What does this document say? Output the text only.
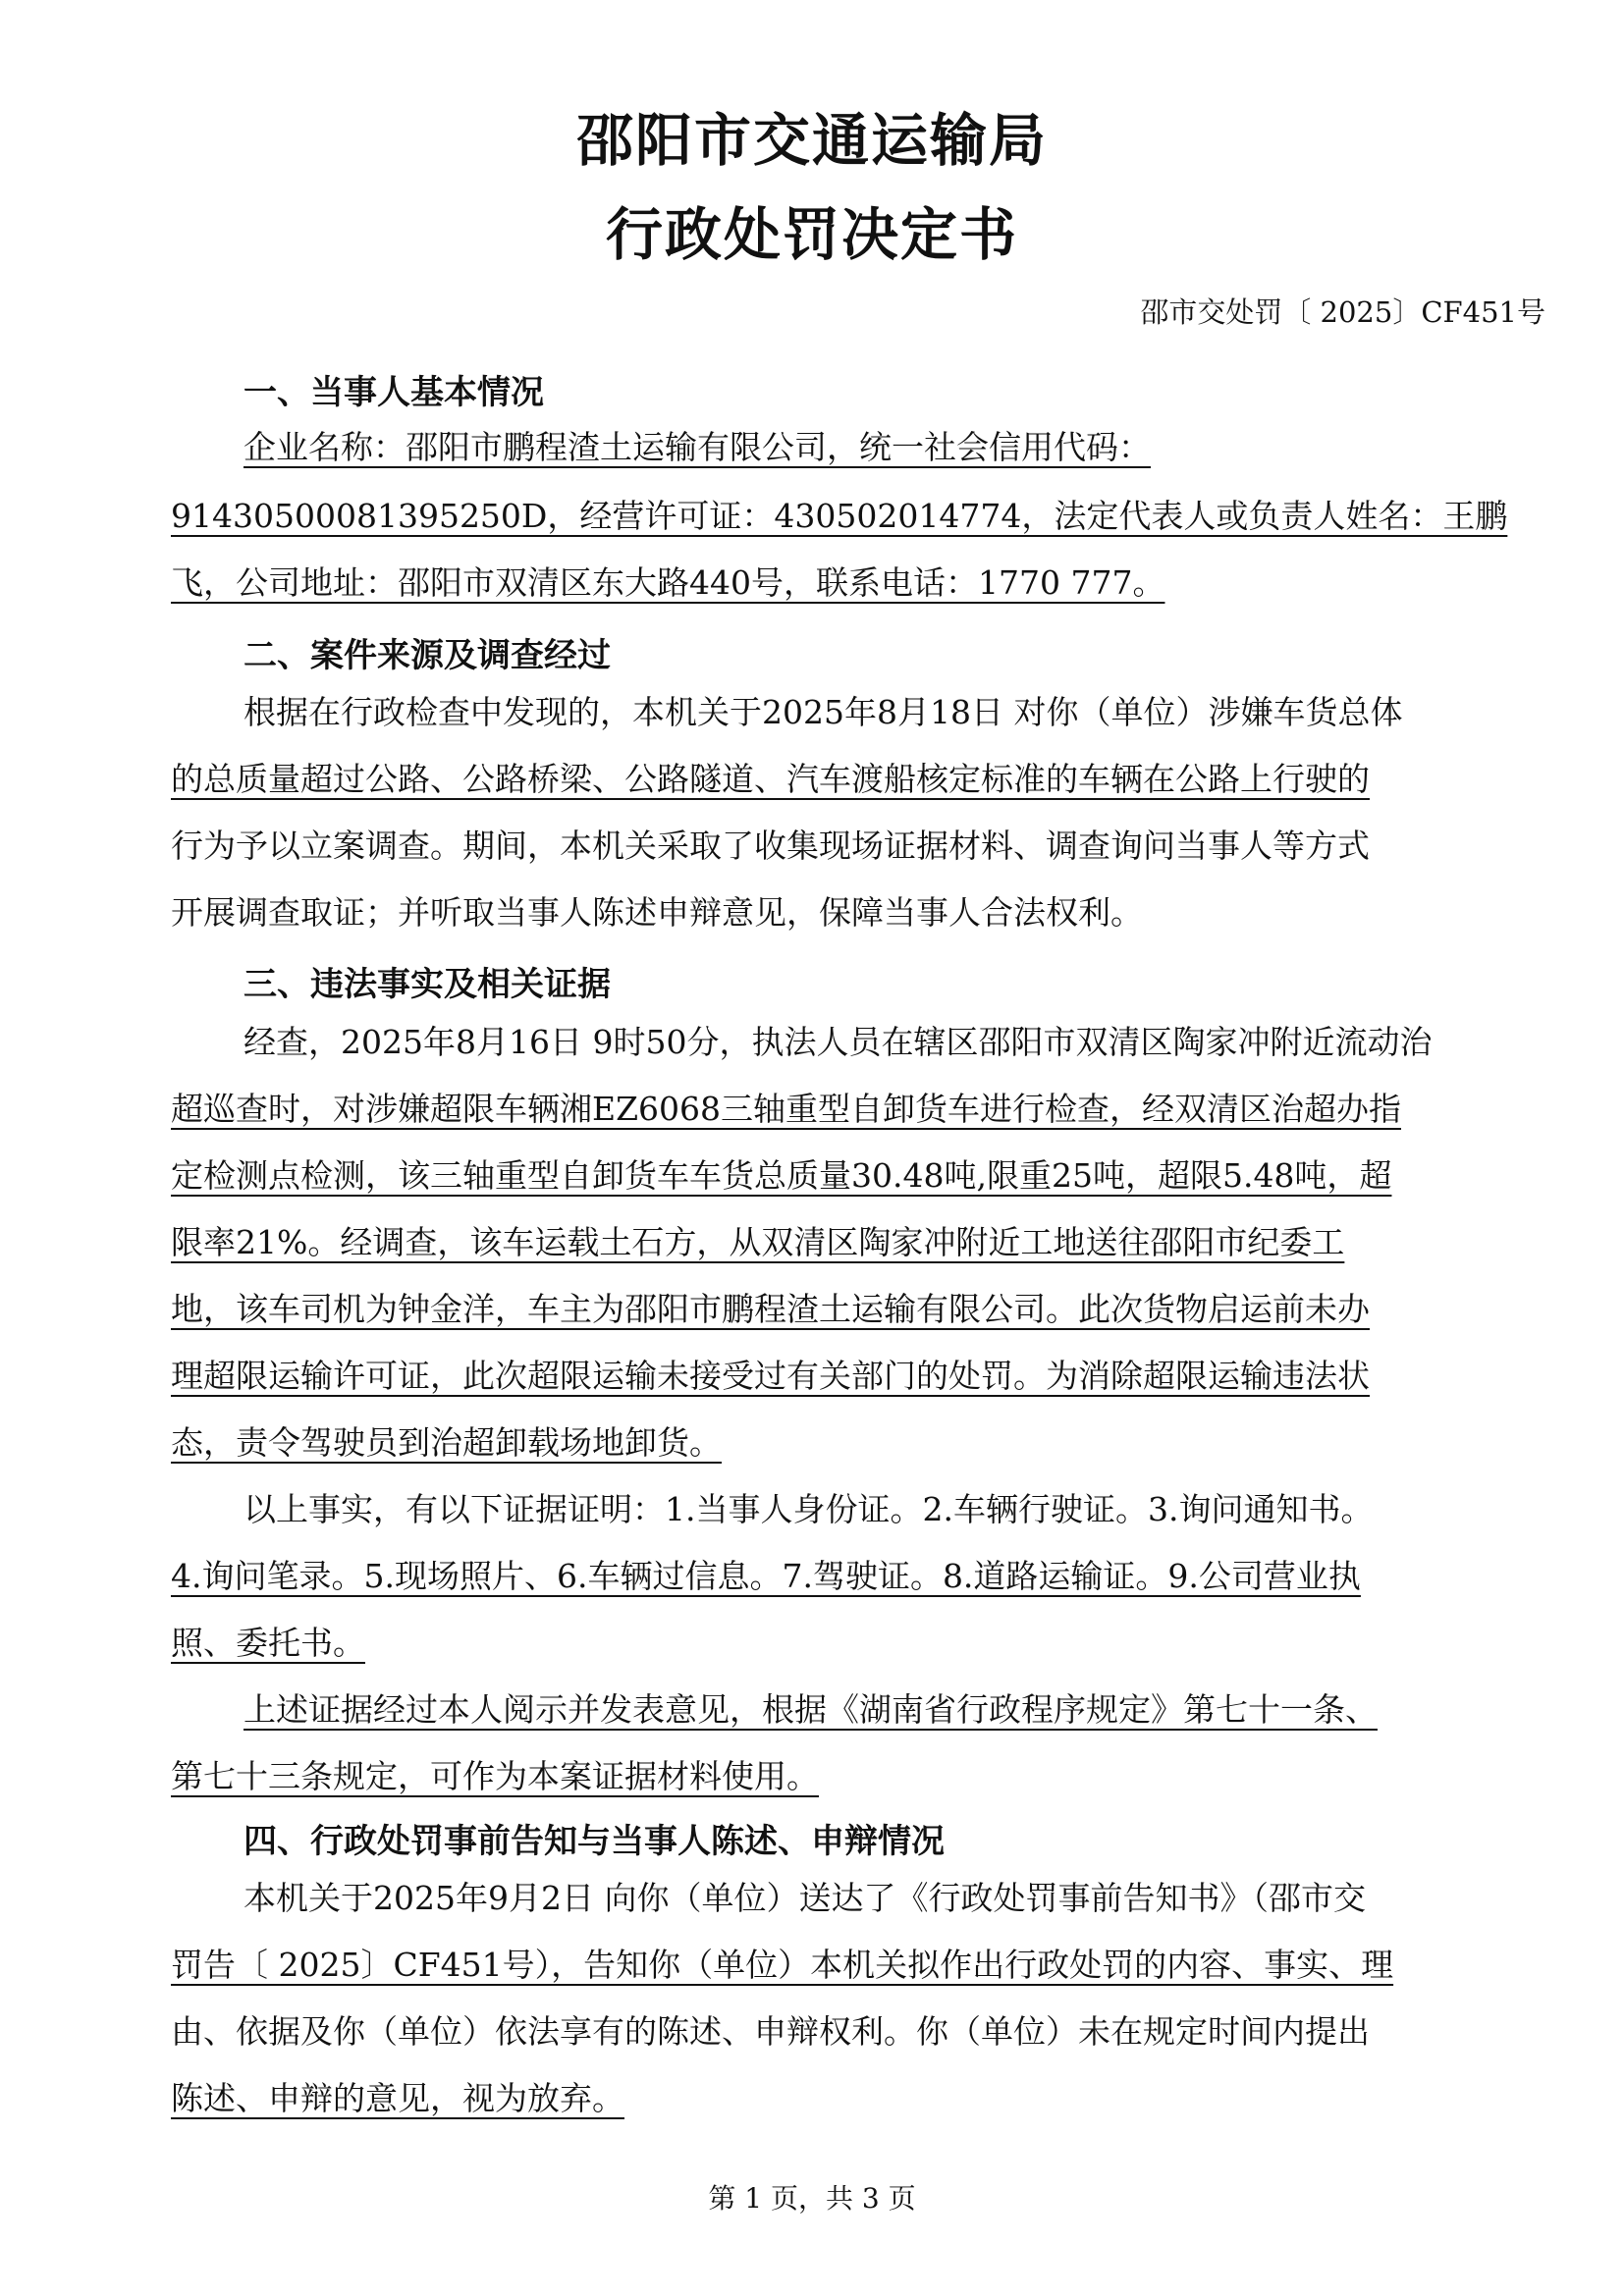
邵阳市交通运输局
行政处罚决定书
邵市交处罚〔 2025〕CF451号
一、当事人基本情况
企业名称：邵阳市鹏程渣土运输有限公司，统一社会信用代码：
91430500081395250D，经营许可证：430502014774，法定代表人或负责人姓名：王鹏
飞，公司地址：邵阳市双清区东大路440号，联系电话：1770 777。
二、案件来源及调查经过
根据在行政检查中发现的，本机关于2025年8月18日 对你（单位）涉嫌车货总体
的总质量超过公路、公路桥梁、公路隧道、汽车渡船核定标准的车辆在公路上行驶的
行为予以立案调查。期间，本机关采取了收集现场证据材料、调查询问当事人等方式
开展调查取证；并听取当事人陈述申辩意见，保障当事人合法权利。
三、违法事实及相关证据
经查，2025年8月16日 9时50分，执法人员在辖区邵阳市双清区陶家冲附近流动治
超巡查时，对涉嫌超限车辆湘EZ6068三轴重型自卸货车进行检查，经双清区治超办指
定检测点检测，该三轴重型自卸货车车货总质量30.48吨,限重25吨，超限5.48吨，超
限率21%。经调查，该车运载土石方，从双清区陶家冲附近工地送往邵阳市纪委工
地，该车司机为钟金洋，车主为邵阳市鹏程渣土运输有限公司。此次货物启运前未办
理超限运输许可证，此次超限运输未接受过有关部门的处罚。为消除超限运输违法状
态，责令驾驶员到治超卸载场地卸货。
以上事实，有以下证据证明：1.当事人身份证。2.车辆行驶证。3.询问通知书。
4.询问笔录。5.现场照片、6.车辆过信息。7.驾驶证。8.道路运输证。9.公司营业执
照、委托书。
上述证据经过本人阅示并发表意见，根据《湖南省行政程序规定》第七十一条、
第七十三条规定，可作为本案证据材料使用。
四、行政处罚事前告知与当事人陈述、申辩情况
本机关于2025年9月2日 向你（单位）送达了《行政处罚事前告知书》（邵市交
罚告〔 2025〕CF451号），告知你（单位）本机关拟作出行政处罚的内容、事实、理
由、依据及你（单位）依法享有的陈述、申辩权利。你（单位）未在规定时间内提出
陈述、申辩的意见，视为放弃。
第 1 页，共 3 页
